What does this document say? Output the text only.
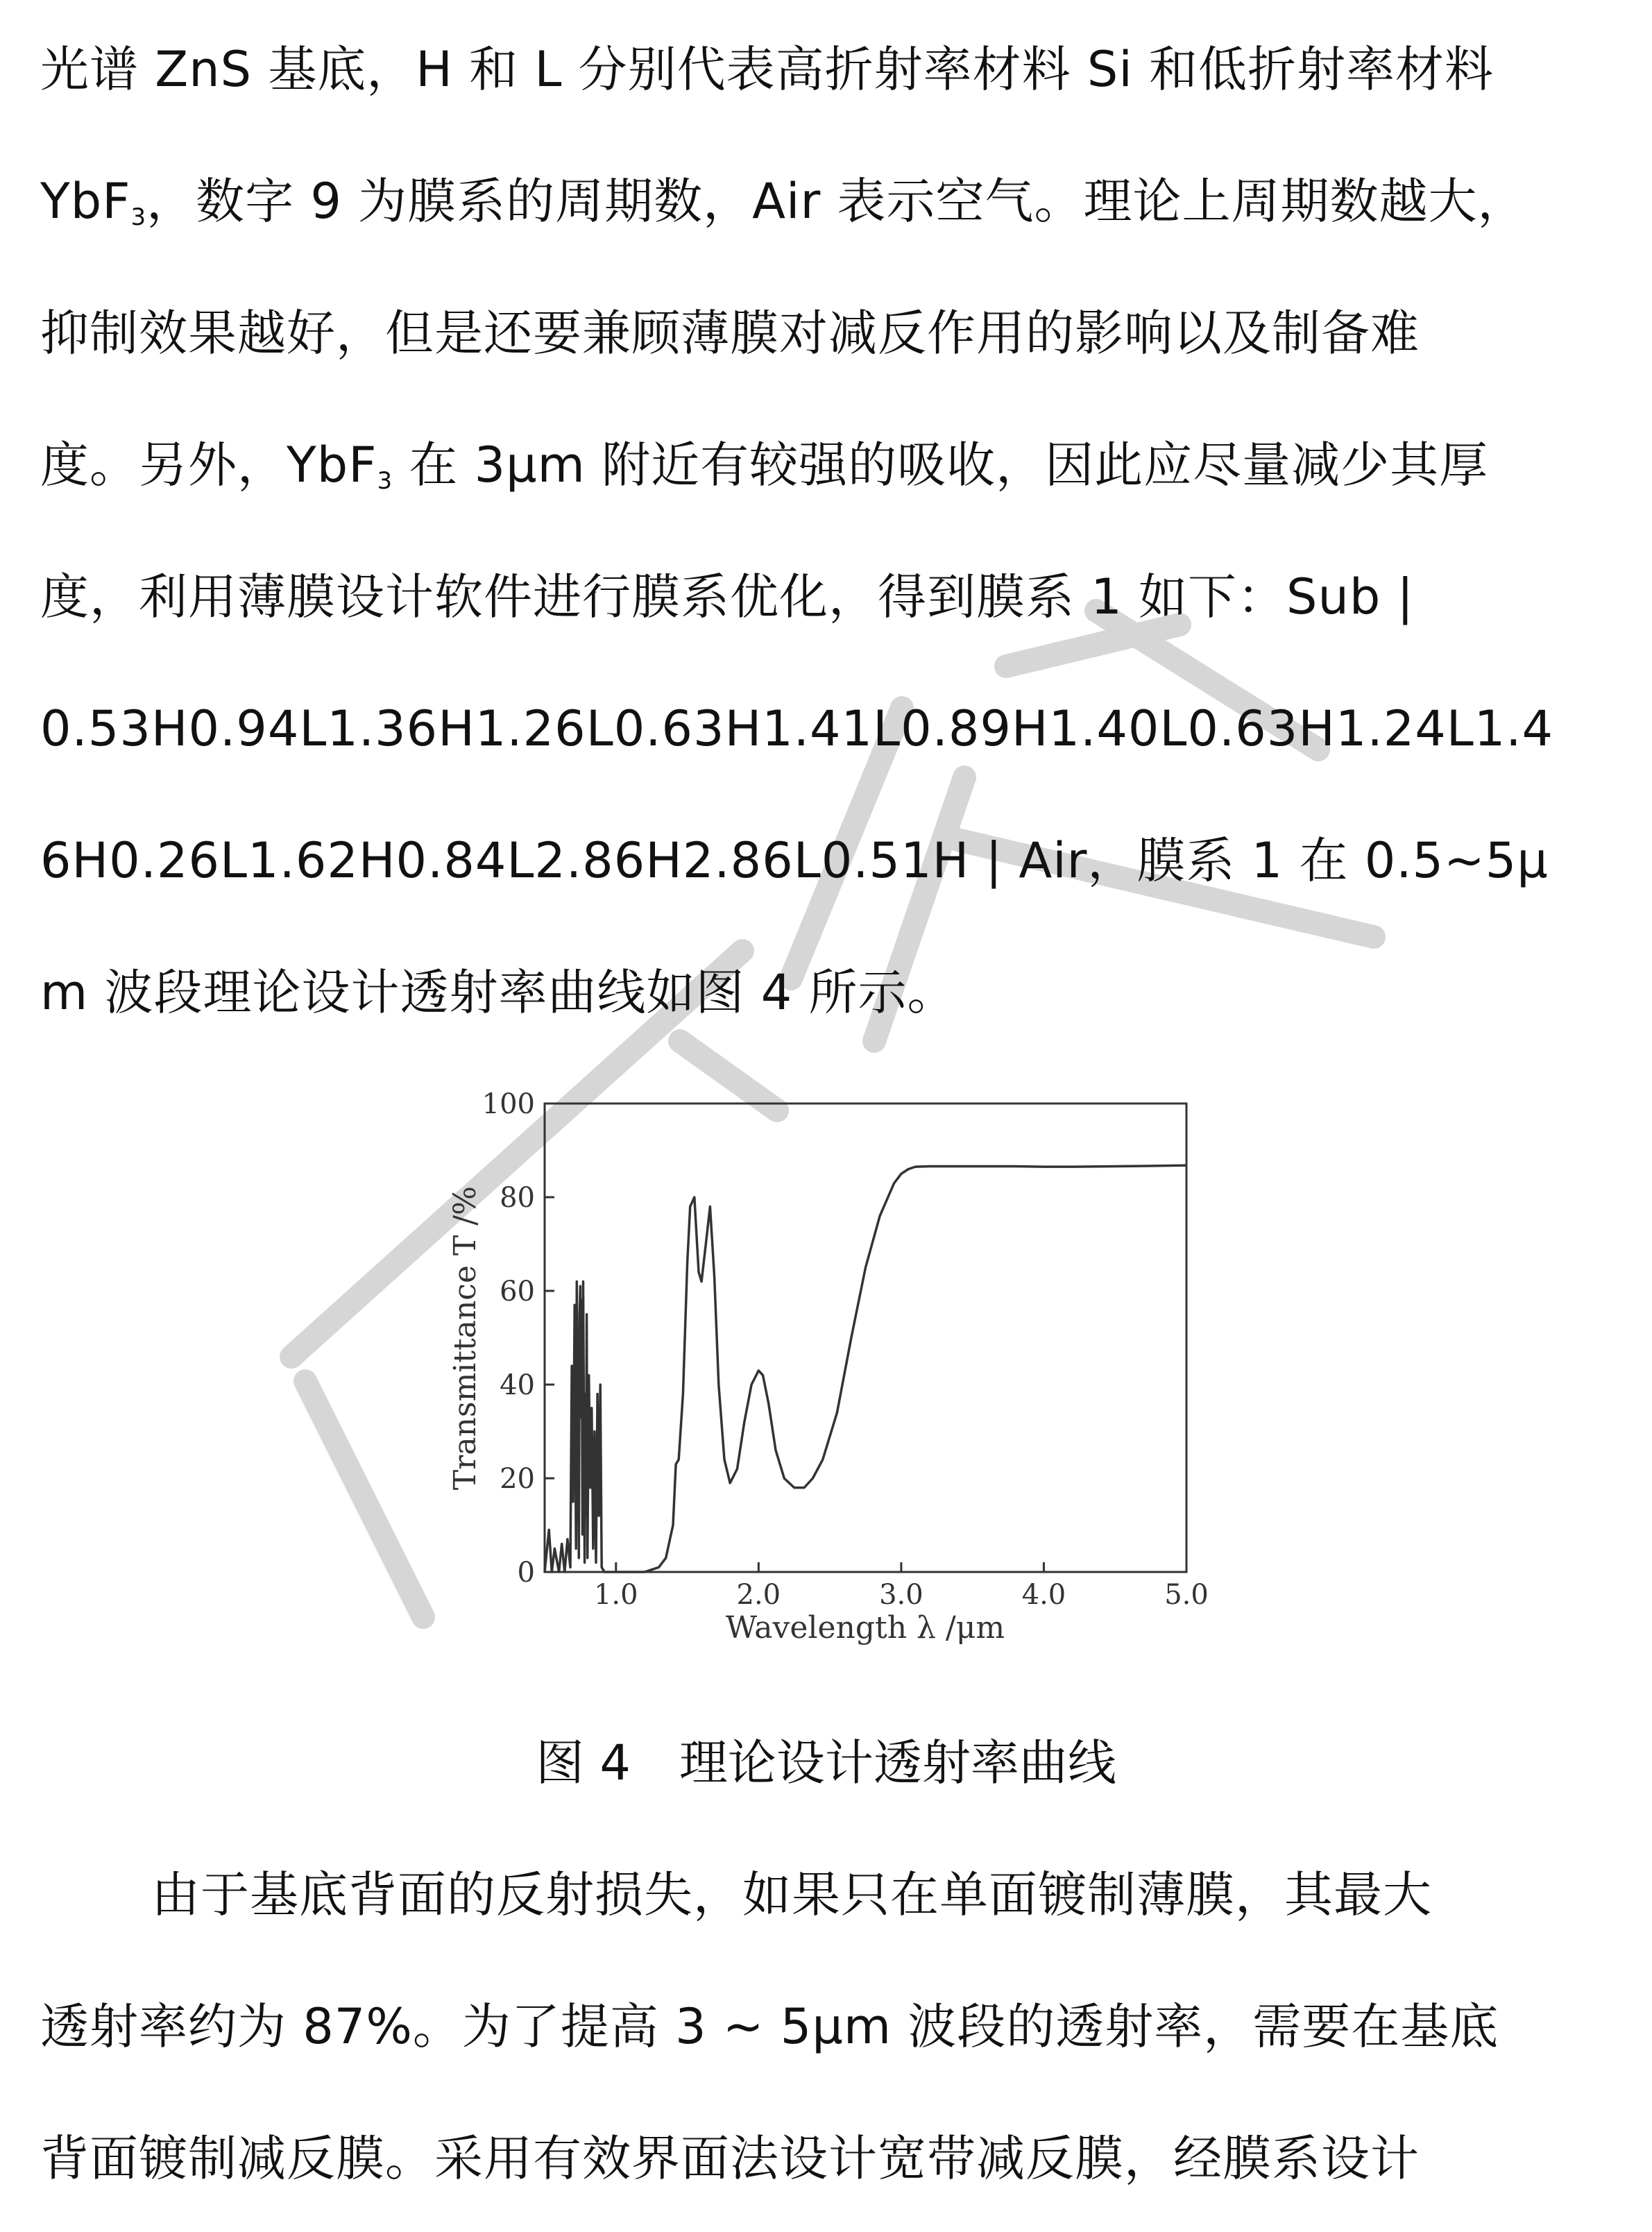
光谱 ZnS 基底，H 和 L 分别代表高折射率材料 Si 和低折射率材料
YbF$_3$，数字 9 为膜系的周期数，Air 表示空气。理论上周期数越大，
抑制效果越好，但是还要兼顾薄膜对减反作用的影响以及制备难
度。另外，YbF$_3$ 在 3μm 附近有较强的吸收，因此应尽量减少其厚
度，利用薄膜设计软件进行膜系优化，得到膜系 1 如下：Sub |
0.53H0.94L1.36H1.26L0.63H1.41L0.89H1.40L0.63H1.24L1.4
6H0.26L1.62H0.84L2.86H2.86L0.51H | Air，膜系 1 在 0.5~5μ
m 波段理论设计透射率曲线如图 4 所示。
0
20
40
60
80
100
1.0	2.0	3.0	4.0	5.0
Wavelength λ /μm
Transmittance T /%
图 4 理论设计透射率曲线
由于基底背面的反射损失，如果只在单面镀制薄膜，其最大
透射率约为 87%。为了提高 3 ~ 5μm 波段的透射率，需要在基底
背面镀制减反膜。采用有效界面法设计宽带减反膜，经膜系设计
